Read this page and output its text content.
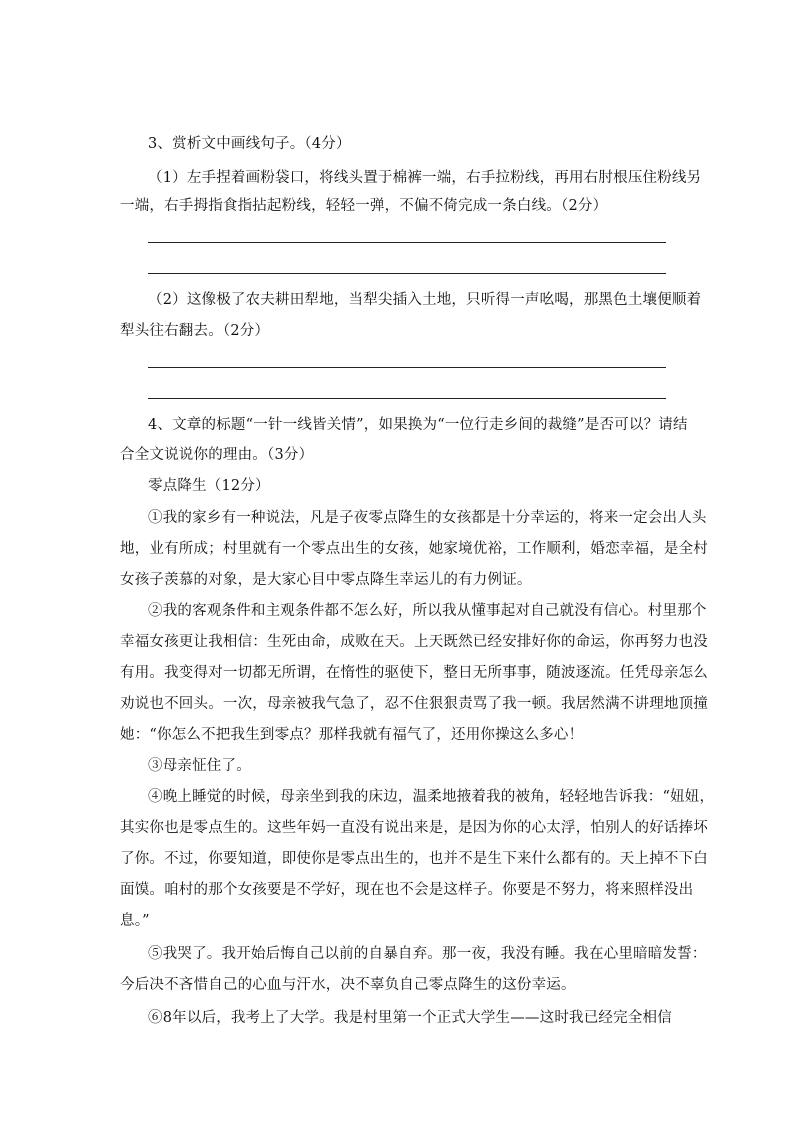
3、赏析文中画线句子。（4分）
（1）左手捏着画粉袋口，将线头置于棉裤一端，右手拉粉线，再用右肘根压住粉线另
一端，右手拇指食指拈起粉线，轻轻一弹，不偏不倚完成一条白线。（2分）
（2）这像极了农夫耕田犁地，当犁尖插入土地，只听得一声吆喝，那黑色土壤便顺着
犁头往右翻去。（2分）
4、文章的标题“一针一线皆关情”，如果换为“一位行走乡间的裁缝”是否可以？请结
合全文说说你的理由。（3分）
零点降生（12分）
①我的家乡有一种说法，凡是子夜零点降生的女孩都是十分幸运的，将来一定会出人头
地，业有所成；村里就有一个零点出生的女孩，她家境优裕，工作顺利，婚恋幸福，是全村
女孩子羡慕的对象，是大家心目中零点降生幸运儿的有力例证。
②我的客观条件和主观条件都不怎么好，所以我从懂事起对自己就没有信心。村里那个
幸福女孩更让我相信：生死由命，成败在天。上天既然已经安排好你的命运，你再努力也没
有用。我变得对一切都无所谓，在惰性的驱使下，整日无所事事，随波逐流。任凭母亲怎么
劝说也不回头。一次，母亲被我气急了，忍不住狠狠责骂了我一顿。我居然满不讲理地顶撞
她：“你怎么不把我生到零点？那样我就有福气了，还用你操这么多心！
③母亲怔住了。
④晚上睡觉的时候，母亲坐到我的床边，温柔地掖着我的被角，轻轻地告诉我：“妞妞，
其实你也是零点生的。这些年妈一直没有说出来是，是因为你的心太浮，怕别人的好话捧坏
了你。不过，你要知道，即使你是零点出生的，也并不是生下来什么都有的。天上掉不下白
面馍。咱村的那个女孩要是不学好，现在也不会是这样子。你要是不努力，将来照样没出
息。”
⑤我哭了。我开始后悔自己以前的自暴自弃。那一夜，我没有睡。我在心里暗暗发誓：
今后决不吝惜自己的心血与汗水，决不辜负自己零点降生的这份幸运。
⑥8年以后，我考上了大学。我是村里第一个正式大学生——这时我已经完全相信
